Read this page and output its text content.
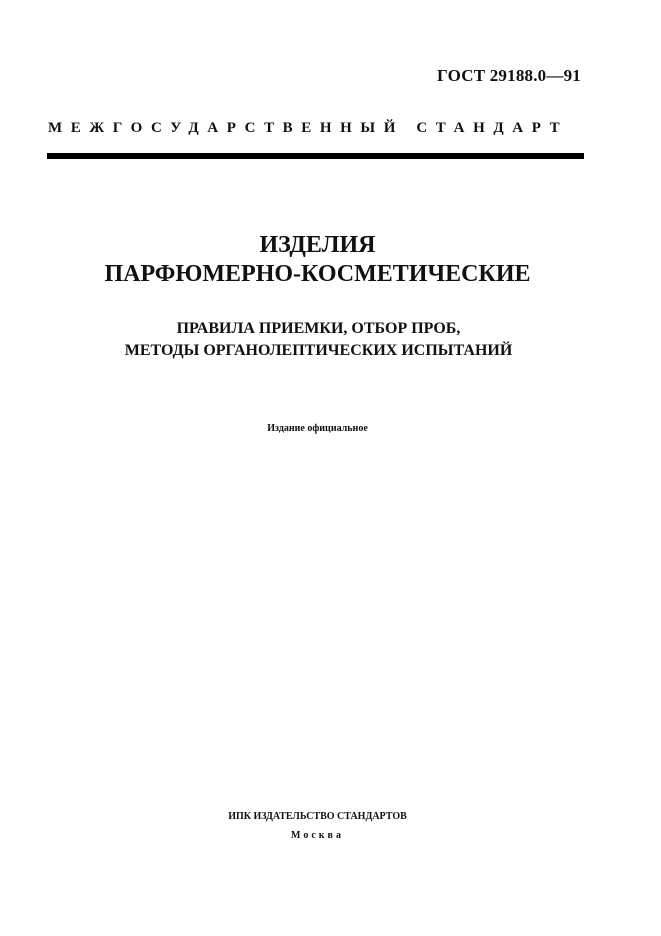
ГОСТ 29188.0—91
МЕЖГОСУДАРСТВЕННЫЙ СТАНДАРТ
ИЗДЕЛИЯ
ПАРФЮМЕРНО-КОСМЕТИЧЕСКИЕ
ПРАВИЛА ПРИЕМКИ, ОТБОР ПРОБ,
МЕТОДЫ ОРГАНОЛЕПТИЧЕСКИХ ИСПЫТАНИЙ
Издание официальное
ИПК ИЗДАТЕЛЬСТВО СТАНДАРТОВ
Москва
